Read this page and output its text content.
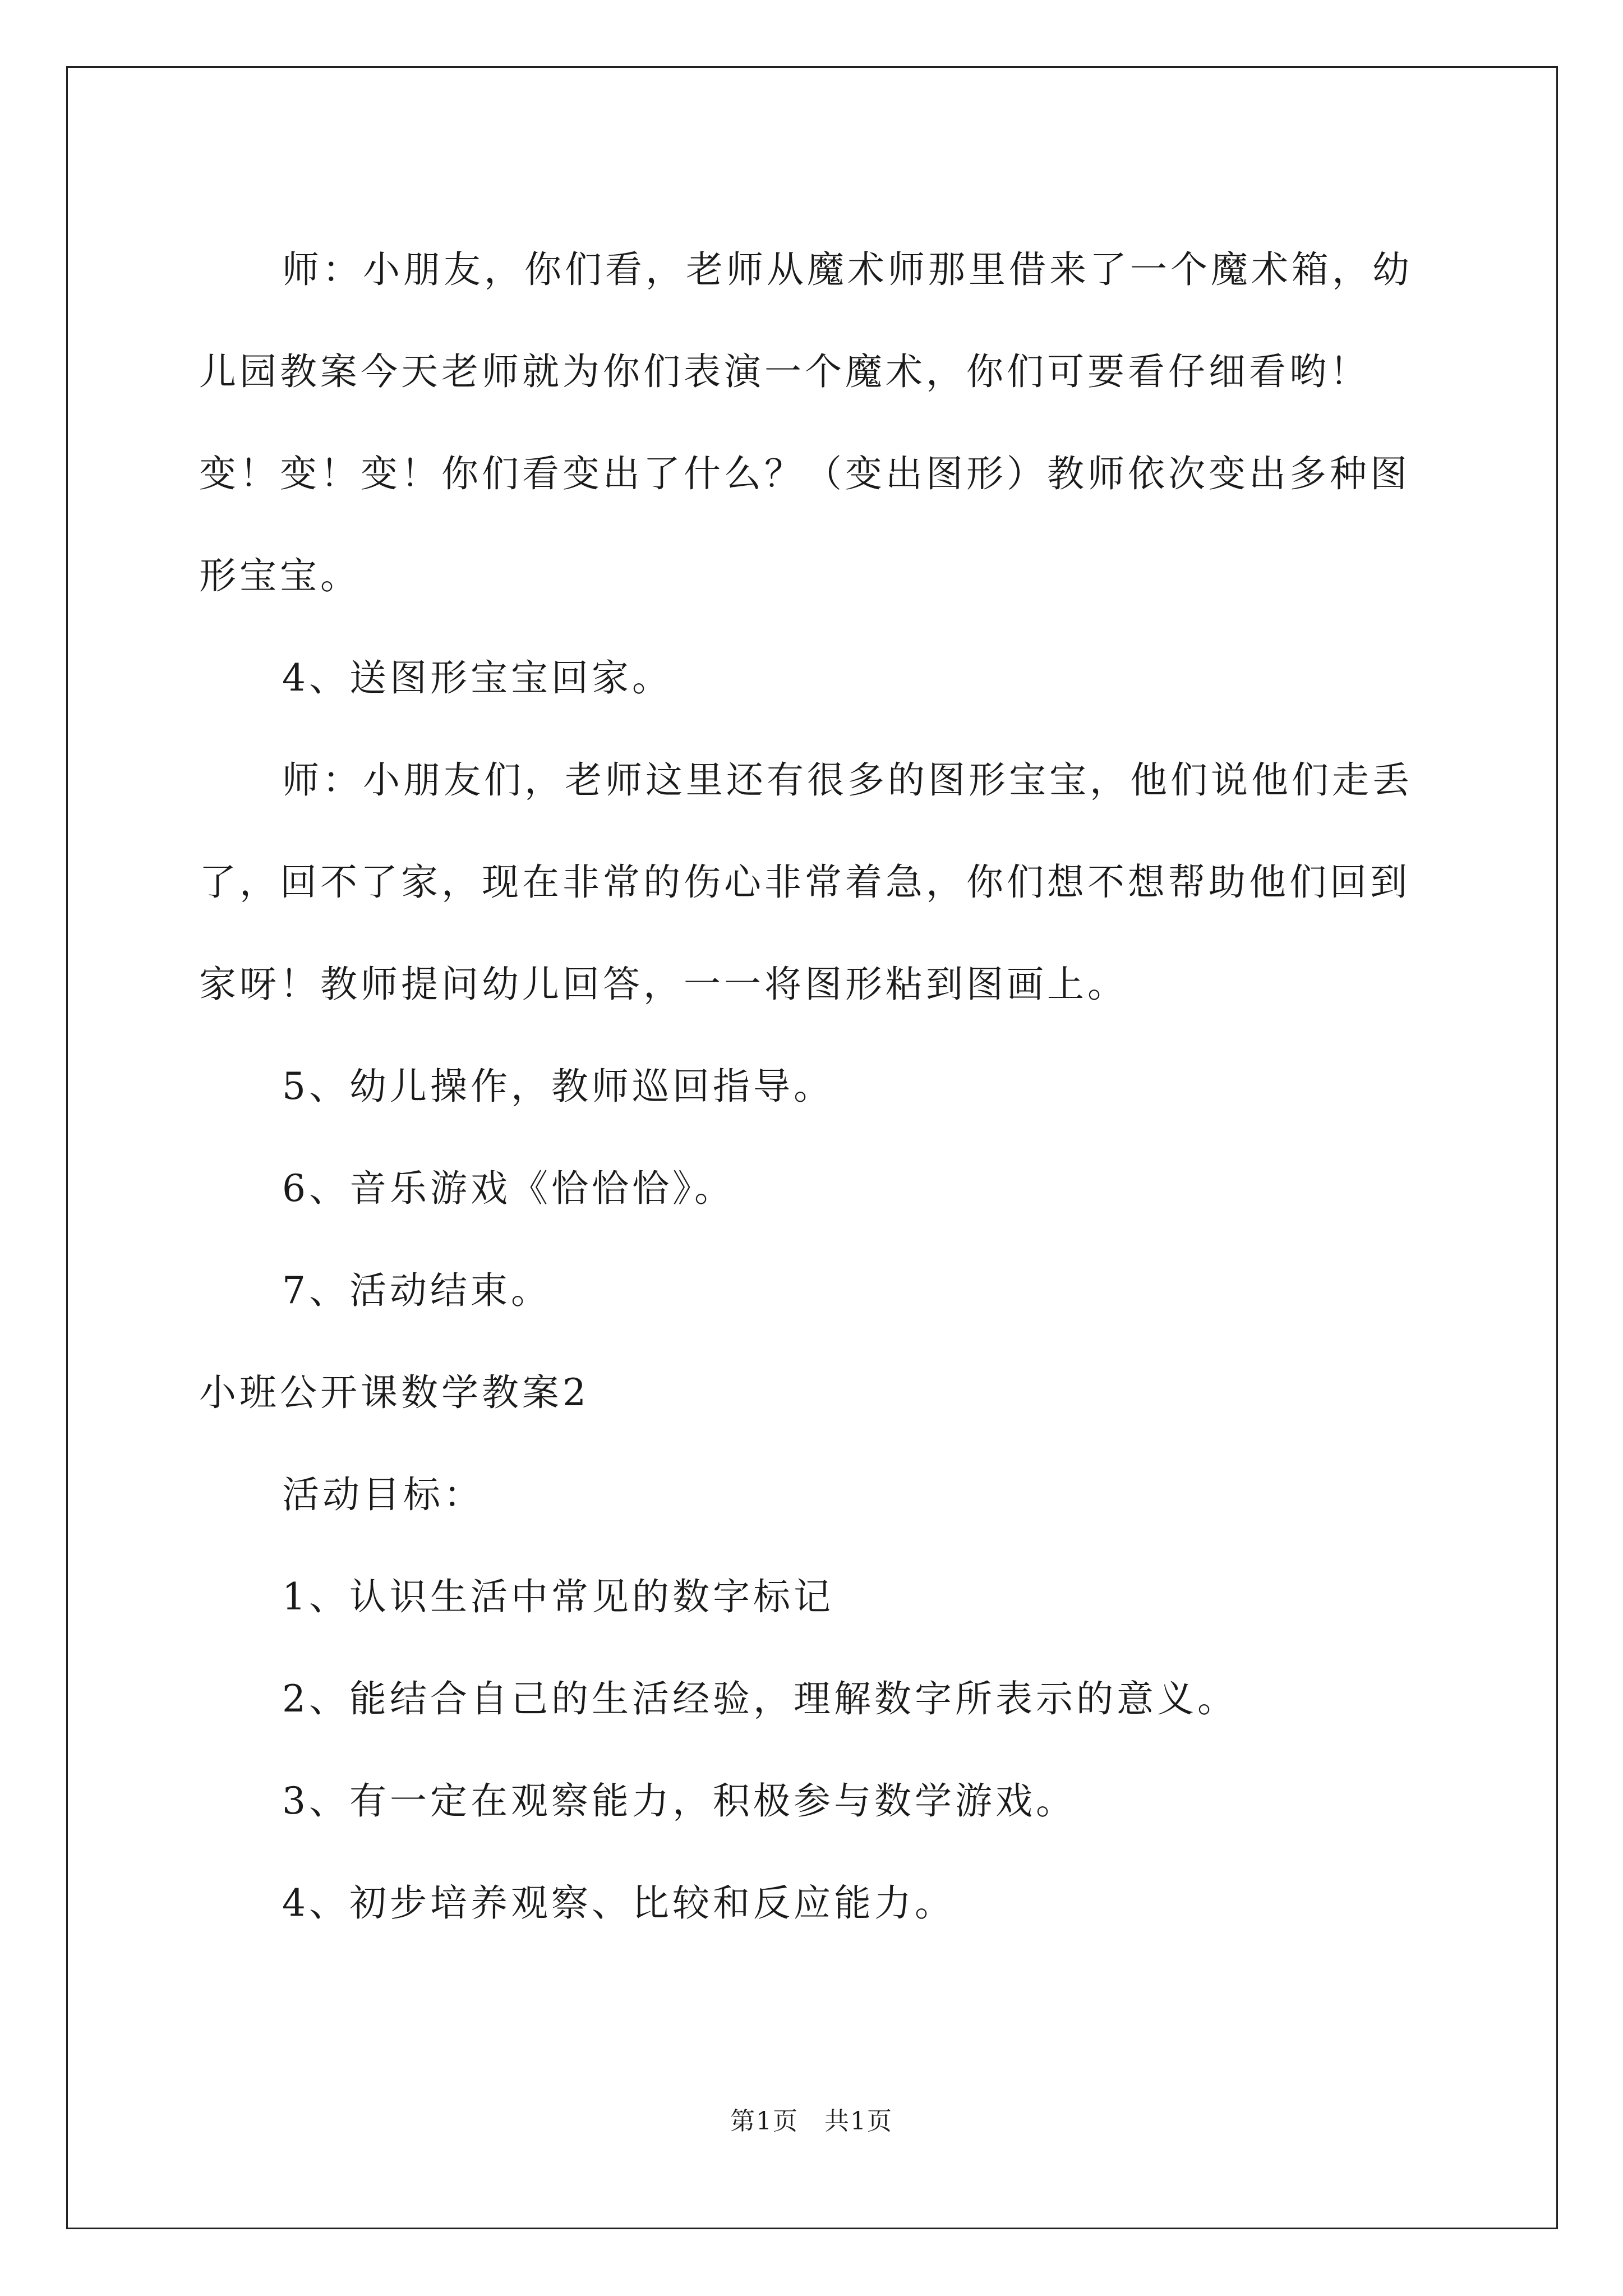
师：小朋友，你们看，老师从魔术师那里借来了一个魔术箱，幼儿园教案今天老师就为你们表演一个魔术，你们可要看仔细看哟！变！变！变！你们看变出了什么？（变出图形）教师依次变出多种图形宝宝。

4、送图形宝宝回家。

师：小朋友们，老师这里还有很多的图形宝宝，他们说他们走丢了，回不了家，现在非常的伤心非常着急，你们想不想帮助他们回到家呀！教师提问幼儿回答，一一将图形粘到图画上。

5、幼儿操作，教师巡回指导。

6、音乐游戏《恰恰恰》。

7、活动结束。

小班公开课数学教案2

活动目标：

1、认识生活中常见的数字标记

2、能结合自己的生活经验，理解数字所表示的意义。

3、有一定在观察能力，积极参与数学游戏。

4、初步培养观察、比较和反应能力。

第1页　共1页
